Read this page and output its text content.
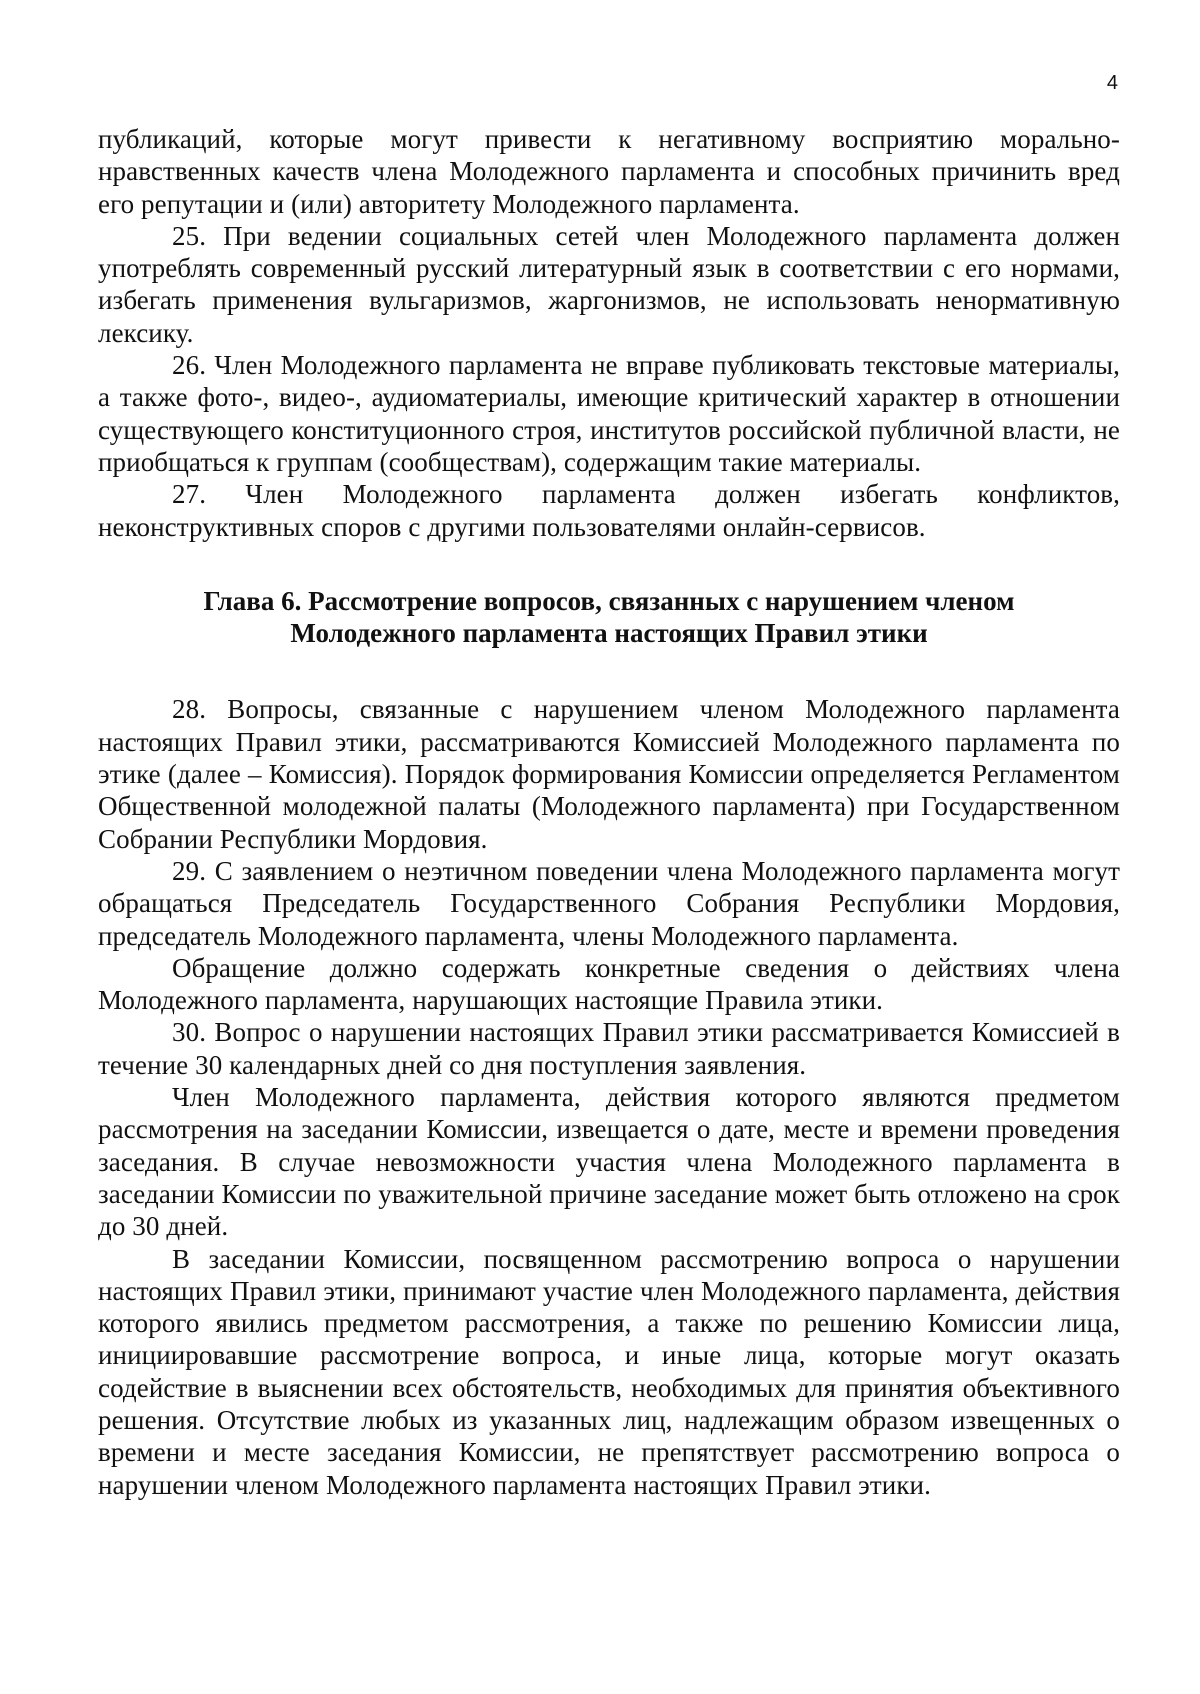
4

публикаций, которые могут привести к негативному восприятию морально-нравственных качеств члена Молодежного парламента и способных причинить вред его репутации и (или) авторитету Молодежного парламента.

25. При ведении социальных сетей член Молодежного парламента должен употреблять современный русский литературный язык в соответствии с его нормами, избегать применения вульгаризмов, жаргонизмов, не использовать ненормативную лексику.

26. Член Молодежного парламента не вправе публиковать текстовые материалы, а также фото-, видео-, аудиоматериалы, имеющие критический характер в отношении существующего конституционного строя, институтов российской публичной власти, не приобщаться к группам (сообществам), содержащим такие материалы.

27. Член Молодежного парламента должен избегать конфликтов, неконструктивных споров с другими пользователями онлайн-сервисов.

Глава 6. Рассмотрение вопросов, связанных с нарушением членом
Молодежного парламента настоящих Правил этики

28. Вопросы, связанные с нарушением членом Молодежного парламента настоящих Правил этики, рассматриваются Комиссией Молодежного парламента по этике (далее – Комиссия). Порядок формирования Комиссии определяется Регламентом Общественной молодежной палаты (Молодежного парламента) при Государственном Собрании Республики Мордовия.

29. С заявлением о неэтичном поведении члена Молодежного парламента могут обращаться Председатель Государственного Собрания Республики Мордовия, председатель Молодежного парламента, члены Молодежного парламента.

Обращение должно содержать конкретные сведения о действиях члена Молодежного парламента, нарушающих настоящие Правила этики.

30. Вопрос о нарушении настоящих Правил этики рассматривается Комиссией в течение 30 календарных дней со дня поступления заявления.

Член Молодежного парламента, действия которого являются предметом рассмотрения на заседании Комиссии, извещается о дате, месте и времени проведения заседания. В случае невозможности участия члена Молодежного парламента в заседании Комиссии по уважительной причине заседание может быть отложено на срок до 30 дней.

В заседании Комиссии, посвященном рассмотрению вопроса о нарушении настоящих Правил этики, принимают участие член Молодежного парламента, действия которого явились предметом рассмотрения, а также по решению Комиссии лица, инициировавшие рассмотрение вопроса, и иные лица, которые могут оказать содействие в выяснении всех обстоятельств, необходимых для принятия объективного решения. Отсутствие любых из указанных лиц, надлежащим образом извещенных о времени и месте заседания Комиссии, не препятствует рассмотрению вопроса о нарушении членом Молодежного парламента настоящих Правил этики.
